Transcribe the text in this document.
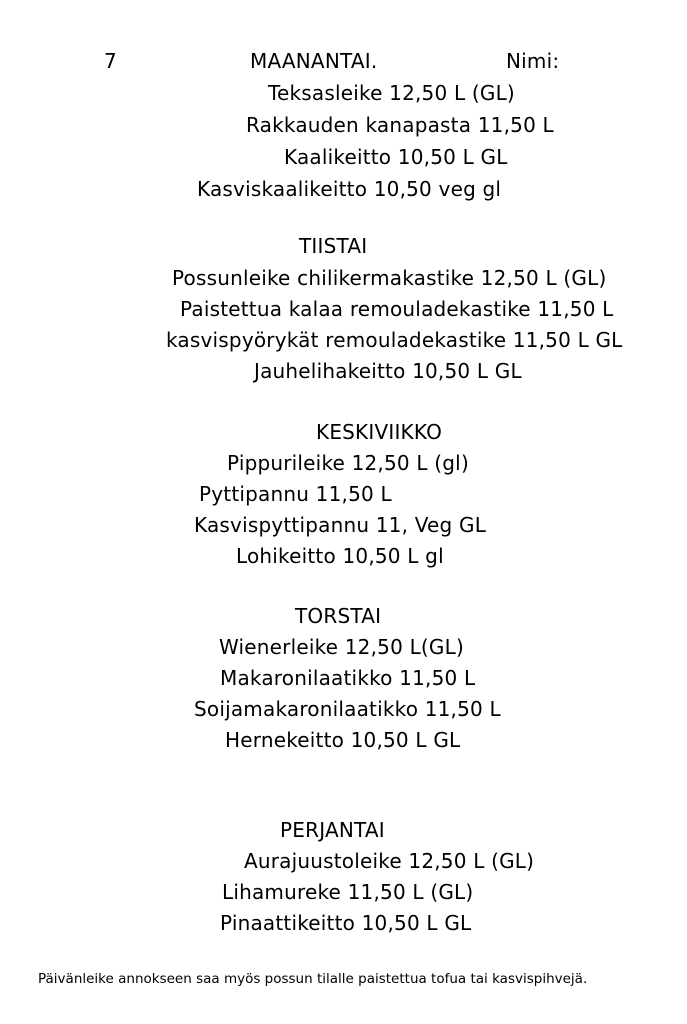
7	MAANANTAI.	Nimi:
Teksasleike 12,50 L (GL)
Rakkauden kanapasta 11,50 L
Kaalikeitto 10,50 L GL
Kasviskaalikeitto 10,50 veg gl
TIISTAI
Possunleike chilikermakastike 12,50 L (GL)
Paistettua kalaa remouladekastike 11,50 L
kasvispyörykät remouladekastike 11,50 L GL
Jauhelihakeitto 10,50 L GL
KESKIVIIKKO
Pippurileike 12,50 L (gl)
Pyttipannu 11,50 L
Kasvispyttipannu 11, Veg GL
Lohikeitto 10,50 L gl
TORSTAI
Wienerleike 12,50 L(GL)
Makaronilaatikko 11,50 L
Soijamakaronilaatikko 11,50 L
Hernekeitto 10,50 L GL
PERJANTAI
Aurajuustoleike 12,50 L (GL)
Lihamureke 11,50 L (GL)
Pinaattikeitto 10,50 L GL
Päivänleike annokseen saa myös possun tilalle paistettua tofua tai kasvispihvejä.
